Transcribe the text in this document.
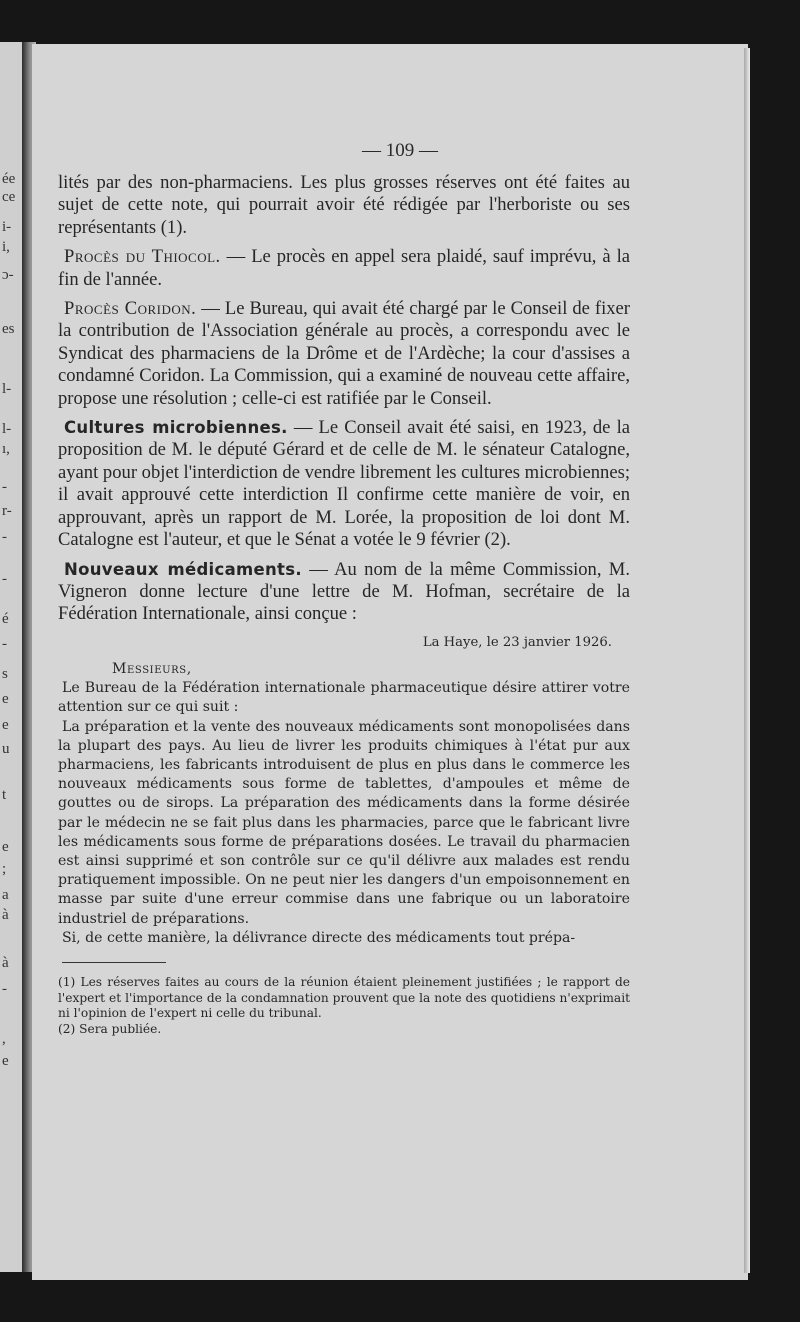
ée
ce
i-
i,
ɔ-
es
l-
l-
ı,
-
r-
-
-
é
-
s
e
e
u
t
e
;
a
à
à
-
,
e
— 109 —

lités par des non-pharmaciens. Les plus grosses réserves ont été faites au sujet de cette note, qui pourrait avoir été rédigée par l'herboriste ou ses représentants (1).

Procès du Thiocol. — Le procès en appel sera plaidé, sauf imprévu, à la fin de l'année.

Procès Coridon. — Le Bureau, qui avait été chargé par le Conseil de fixer la contribution de l'Association générale au procès, a correspondu avec le Syndicat des pharmaciens de la Drôme et de l'Ardèche; la cour d'assises a condamné Coridon. La Commission, qui a examiné de nouveau cette affaire, propose une résolution ; celle-ci est ratifiée par le Conseil.

Cultures microbiennes. — Le Conseil avait été saisi, en 1923, de la proposition de M. le député Gérard et de celle de M. le sénateur Catalogne, ayant pour objet l'interdiction de vendre librement les cultures microbiennes; il avait approuvé cette interdiction Il confirme cette manière de voir, en approuvant, après un rapport de M. Lorée, la proposition de loi dont M. Catalogne est l'auteur, et que le Sénat a votée le 9 février (2).

Nouveaux médicaments. — Au nom de la même Commission, M. Vigneron donne lecture d'une lettre de M. Hofman, secrétaire de la Fédération Internationale, ainsi conçue :

La Haye, le 23 janvier 1926.
Messieurs,

Le Bureau de la Fédération internationale pharmaceutique désire attirer votre attention sur ce qui suit :

La préparation et la vente des nouveaux médicaments sont monopolisées dans la plupart des pays. Au lieu de livrer les produits chimiques à l'état pur aux pharmaciens, les fabricants introduisent de plus en plus dans le commerce les nouveaux médicaments sous forme de tablettes, d'ampoules et même de gouttes ou de sirops. La préparation des médicaments dans la forme désirée par le médecin ne se fait plus dans les pharmacies, parce que le fabricant livre les médicaments sous forme de préparations dosées. Le travail du pharmacien est ainsi supprimé et son contrôle sur ce qu'il délivre aux malades est rendu pratiquement impossible. On ne peut nier les dangers d'un empoisonnement en masse par suite d'une erreur commise dans une fabrique ou un laboratoire industriel de préparations.

Si, de cette manière, la délivrance directe des médicaments tout prépa-

(1) Les réserves faites au cours de la réunion étaient pleinement justifiées ; le rapport de l'expert et l'importance de la condamnation prouvent que la note des quotidiens n'exprimait ni l'opinion de l'expert ni celle du tribunal.

(2) Sera publiée.
